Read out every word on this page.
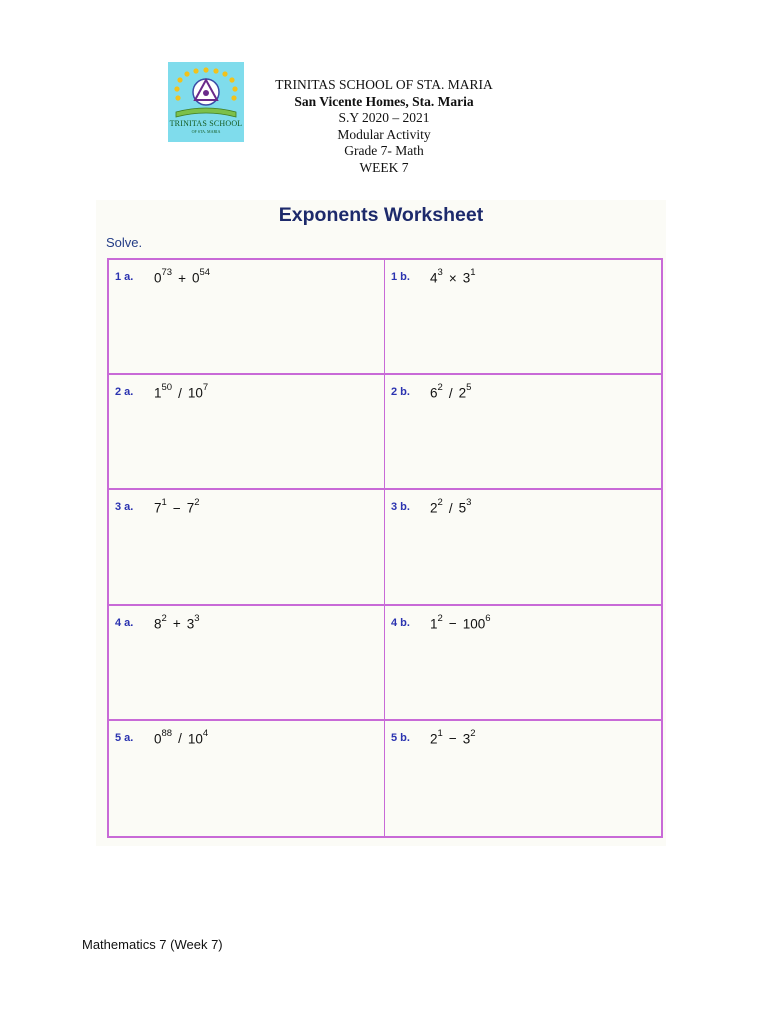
TRINITAS SCHOOL
OF STA. MARIA
TRINITAS SCHOOL OF STA. MARIA
San Vicente Homes, Sta. Maria
S.Y 2020 – 2021
Modular Activity
Grade 7- Math
WEEK 7
Exponents Worksheet
Solve.
1 a. $0^{73} + 0^{54}$	1 b. $4^3 \times 3^1$
2 a. $1^{50} / 10^7$	2 b. $6^2 / 2^5$
3 a. $7^1 - 7^2$	3 b. $2^2 / 5^3$
4 a. $8^2 + 3^3$	4 b. $1^2 - 100^6$
5 a. $0^{88} / 10^4$	5 b. $2^1 - 3^2$
Mathematics 7 (Week 7)
